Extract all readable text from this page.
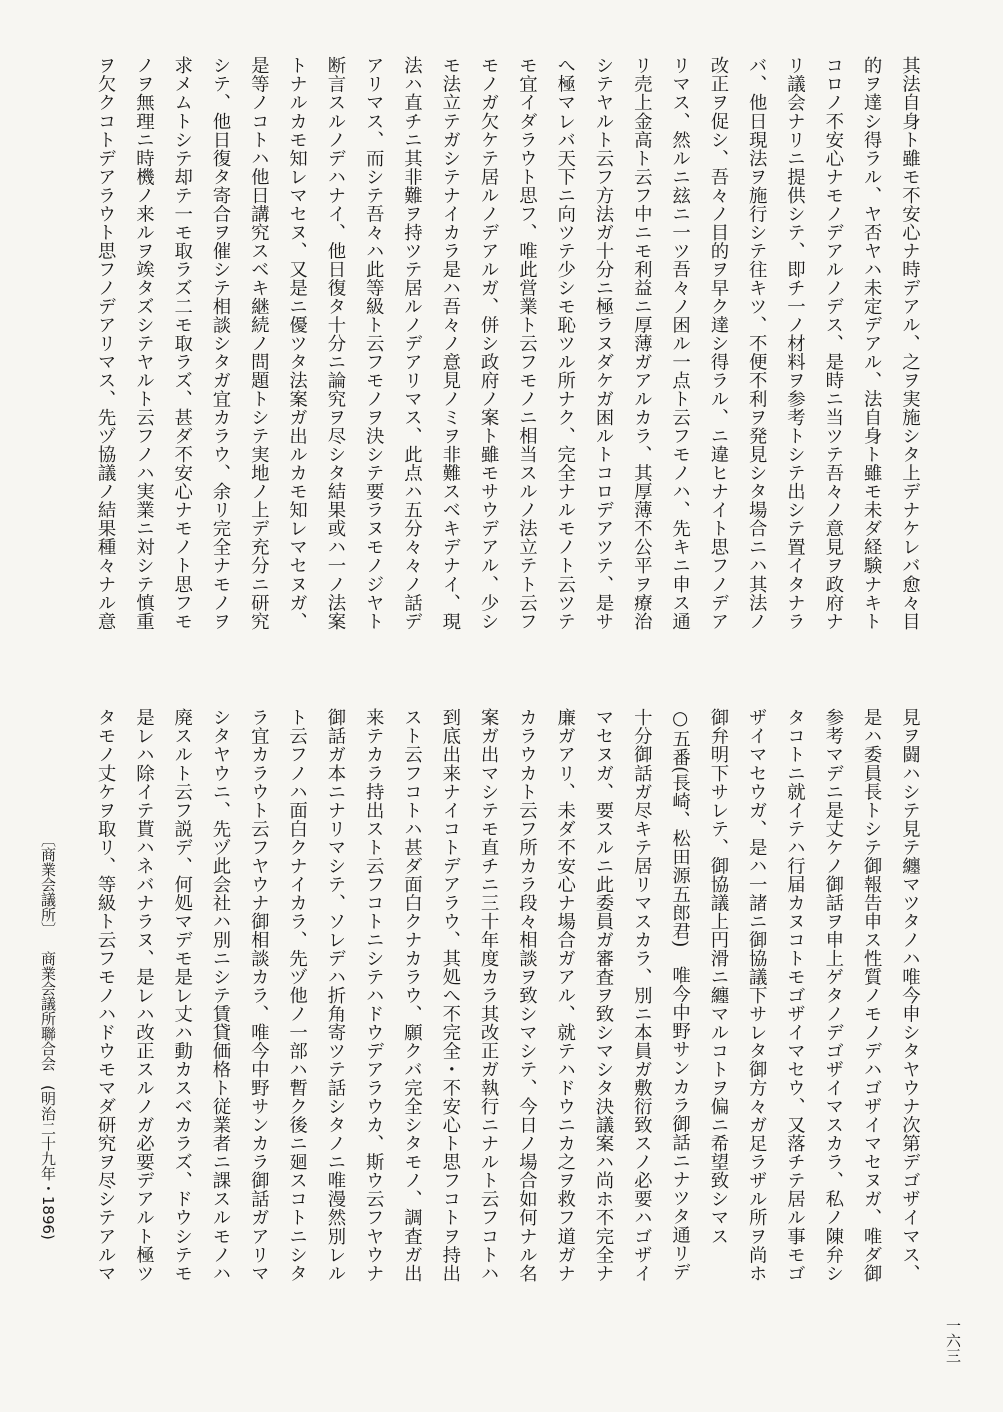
其法自身ト雖モ不安心ナ時デアル、之ヲ実施シタ上デナケレバ愈々目
的ヲ達シ得ラル、ヤ否ヤハ未定デアル、法自身ト雖モ未ダ経験ナキト
コロノ不安心ナモノデアルノデス、是時ニ当ツテ吾々ノ意見ヲ政府ナ
リ議会ナリニ提供シテ、即チ一ノ材料ヲ参考トシテ出シテ置イタナラ
バ、他日現法ヲ施行シテ往キツ、不便不利ヲ発見シタ場合ニハ其法ノ
改正ヲ促シ、吾々ノ目的ヲ早ク達シ得ラル、ニ違ヒナイト思フノデア
リマス、然ルニ玆ニ一ツ吾々ノ困ル一点ト云フモノハ、先キニ申ス通
リ売上金高ト云フ中ニモ利益ニ厚薄ガアルカラ、其厚薄不公平ヲ療治
シテヤルト云フ方法ガ十分ニ極ラヌダケガ困ルトコロデアツテ、是サ
へ極マレバ天下ニ向ツテ少シモ恥ツル所ナク、完全ナルモノト云ツテ
モ宜イダラウト思フ、唯此営業ト云フモノニ相当スルノ法立テト云フ
モノガ欠ケテ居ルノデアルガ、併シ政府ノ案ト雖モサウデアル、少シ
モ法立テガシテナイカラ是ハ吾々ノ意見ノミヲ非難スベキデナイ、現
法ハ直チニ其非難ヲ持ツテ居ルノデアリマス、此点ハ五分々々ノ話デ
アリマス、而シテ吾々ハ此等級ト云フモノヲ決シテ要ラヌモノジヤト
断言スルノデハナイ、他日復タ十分ニ論究ヲ尽シタ結果或ハ一ノ法案
トナルカモ知レマセヌ、又是ニ優ツタ法案ガ出ルカモ知レマセヌガ、
是等ノコトハ他日講究スベキ継続ノ問題トシテ実地ノ上デ充分ニ研究
シテ、他日復タ寄合ヲ催シテ相談シタガ宜カラウ、余リ完全ナモノヲ
求メムトシテ却テ一モ取ラズ二モ取ラズ、甚ダ不安心ナモノト思フモ
ノヲ無理ニ時機ノ来ルヲ竢タズシテヤルト云フノハ実業ニ対シテ慎重
ヲ欠クコトデアラウト思フノデアリマス、先ヅ協議ノ結果種々ナル意
見ヲ闘ハシテ見テ纏マツタノハ唯今申シタヤウナ次第デゴザイマス、
是ハ委員長トシテ御報告申ス性質ノモノデハゴザイマセヌガ、唯ダ御
参考マデニ是丈ケノ御話ヲ申上ゲタノデゴザイマスカラ、私ノ陳弁シ
タコトニ就イテハ行届カヌコトモゴザイマセウ、又落チテ居ル事モゴ
ザイマセウガ、是ハ一諸ニ御協議下サレタ御方々ガ足ラザル所ヲ尚ホ
御弁明下サレテ、御協議上円滑ニ纏マルコトヲ偏ニ希望致シマス
○五番(長崎、松田源五郎君)　唯今中野サンカラ御話ニナツタ通リデ
十分御話ガ尽キテ居リマスカラ、別ニ本員ガ敷衍致スノ必要ハゴザイ
マセヌガ、要スルニ此委員ガ審査ヲ致シマシタ決議案ハ尚ホ不完全ナ
廉ガアリ、未ダ不安心ナ場合ガアル、就テハドウニカ之ヲ救フ道ガナ
カラウカト云フ所カラ段々相談ヲ致シマシテ、今日ノ場合如何ナル名
案ガ出マシテモ直チニ三十年度カラ其改正ガ執行ニナルト云フコトハ
到底出来ナイコトデアラウ、其処へ不完全・不安心ト思フコトヲ持出
スト云フコトハ甚ダ面白クナカラウ、願クバ完全シタモノ、調査ガ出
来テカラ持出スト云フコトニシテハドウデアラウカ、斯ウ云フヤウナ
御話ガ本ニナリマシテ、ソレデハ折角寄ツテ話シタノニ唯漫然別レル
ト云フノハ面白クナイカラ、先ヅ他ノ一部ハ暫ク後ニ廻スコトニシタ
ラ宜カラウト云フヤウナ御相談カラ、唯今中野サンカラ御話ガアリマ
シタヤウニ、先ヅ此会社ハ別ニシテ賃貸価格ト従業者ニ課スルモノハ
廃スルト云フ説デ、何処マデモ是レ丈ハ動カスベカラズ、ドウシテモ
是レハ除イテ貰ハネバナラヌ、是レハ改正スルノガ必要デアルト極ツ
タモノ丈ケヲ取リ、等級ト云フモノハドウモマダ研究ヲ尽シテアルマ
〔商業会議所〕商業会議所聯合会(明治二十九年・1896)
一六三
